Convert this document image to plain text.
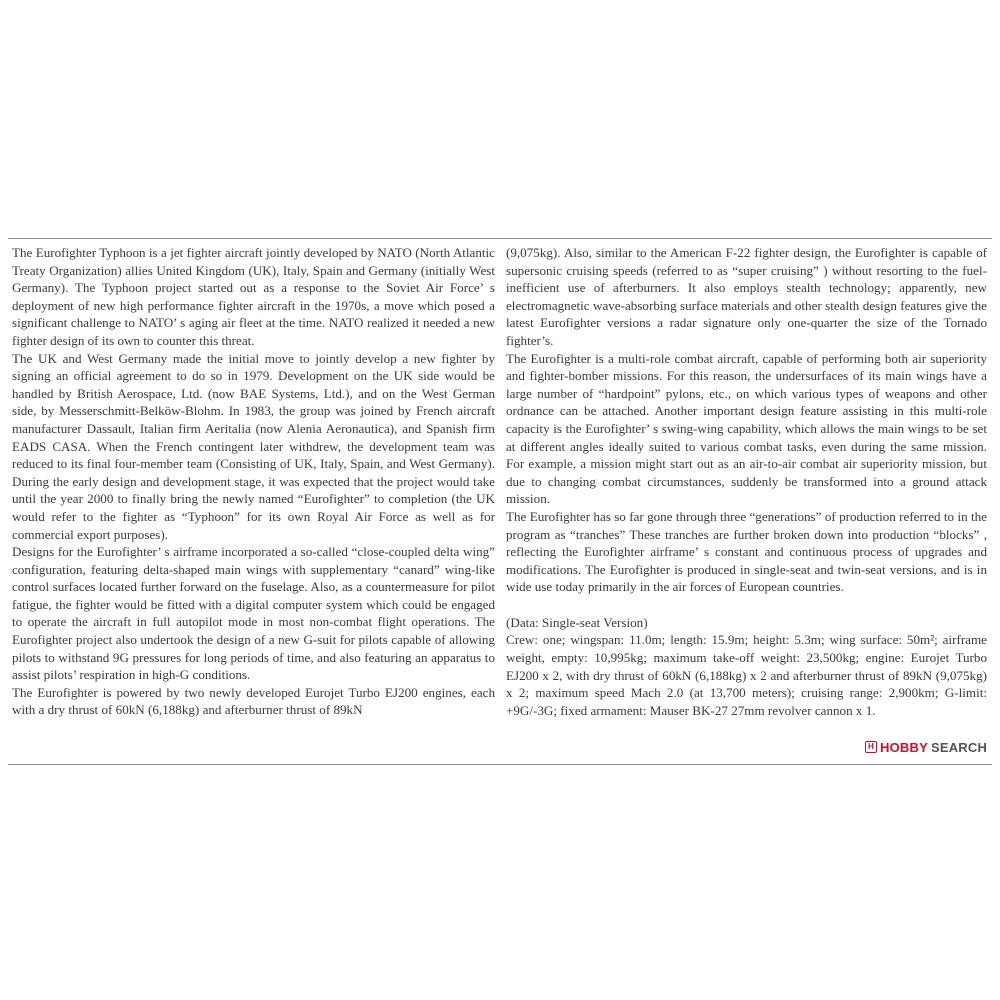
The Eurofighter Typhoon is a jet fighter aircraft jointly developed by NATO (North Atlantic Treaty Organization) allies United Kingdom (UK), Italy, Spain and Germany (initially West Germany). The Typhoon project started out as a response to the Soviet Air Force’ s deployment of new high performance fighter aircraft in the 1970s, a move which posed a significant challenge to NATO’ s aging air fleet at the time. NATO realized it needed a new fighter design of its own to counter this threat.

The UK and West Germany made the initial move to jointly develop a new fighter by signing an official agreement to do so in 1979. Development on the UK side would be handled by British Aerospace, Ltd. (now BAE Systems, Ltd.), and on the West German side, by Messerschmitt-Belköw-Blohm. In 1983, the group was joined by French aircraft manufacturer Dassault, Italian firm Aeritalia (now Alenia Aeronautica), and Spanish firm EADS CASA. When the French contingent later withdrew, the development team was reduced to its final four-member team (Consisting of UK, Italy, Spain, and West Germany). During the early design and development stage, it was expected that the project would take until the year 2000 to finally bring the newly named “Eurofighter” to completion (the UK would refer to the fighter as “Typhoon” for its own Royal Air Force as well as for commercial export purposes).

Designs for the Eurofighter’ s airframe incorporated a so-called “close-coupled delta wing” configuration, featuring delta-shaped main wings with supplementary “canard” wing-like control surfaces located further forward on the fuselage. Also, as a countermeasure for pilot fatigue, the fighter would be fitted with a digital computer system which could be engaged to operate the aircraft in full autopilot mode in most non-combat flight operations. The Eurofighter project also undertook the design of a new G-suit for pilots capable of allowing pilots to withstand 9G pressures for long periods of time, and also featuring an apparatus to assist pilots’ respiration in high-G conditions.

The Eurofighter is powered by two newly developed Eurojet Turbo EJ200 engines, each with a dry thrust of 60kN (6,188kg) and afterburner thrust of 89kN

(9,075kg). Also, similar to the American F-22 fighter design, the Eurofighter is capable of supersonic cruising speeds (referred to as “super cruising” ) without resorting to the fuel-inefficient use of afterburners. It also employs stealth technology; apparently, new electromagnetic wave-absorbing surface materials and other stealth design features give the latest Eurofighter versions a radar signature only one-quarter the size of the Tornado fighter’s.

The Eurofighter is a multi-role combat aircraft, capable of performing both air superiority and fighter-bomber missions. For this reason, the undersurfaces of its main wings have a large number of “hardpoint” pylons, etc., on which various types of weapons and other ordnance can be attached. Another important design feature assisting in this multi-role capacity is the Eurofighter’ s swing-wing capability, which allows the main wings to be set at different angles ideally suited to various combat tasks, even during the same mission. For example, a mission might start out as an air-to-air combat air superiority mission, but due to changing combat circumstances, suddenly be transformed into a ground attack mission.

The Eurofighter has so far gone through three “generations” of production referred to in the program as “tranches” These tranches are further broken down into production “blocks” , reflecting the Eurofighter airframe’ s constant and continuous process of upgrades and modifications. The Eurofighter is produced in single-seat and twin-seat versions, and is in wide use today primarily in the air forces of European countries.

(Data: Single-seat Version)

Crew: one; wingspan: 11.0m; length: 15.9m; height: 5.3m; wing surface: 50m²; airframe weight, empty: 10,995kg; maximum take-off weight: 23,500kg; engine: Eurojet Turbo EJ200 x 2, with dry thrust of 60kN (6,188kg) x 2 and afterburner thrust of 89kN (9,075kg) x 2; maximum speed Mach 2.0 (at 13,700 meters); cruising range: 2,900km; G-limit: +9G/-3G; fixed armament: Mauser BK-27 27mm revolver cannon x 1.

H HOBBY SEARCH
